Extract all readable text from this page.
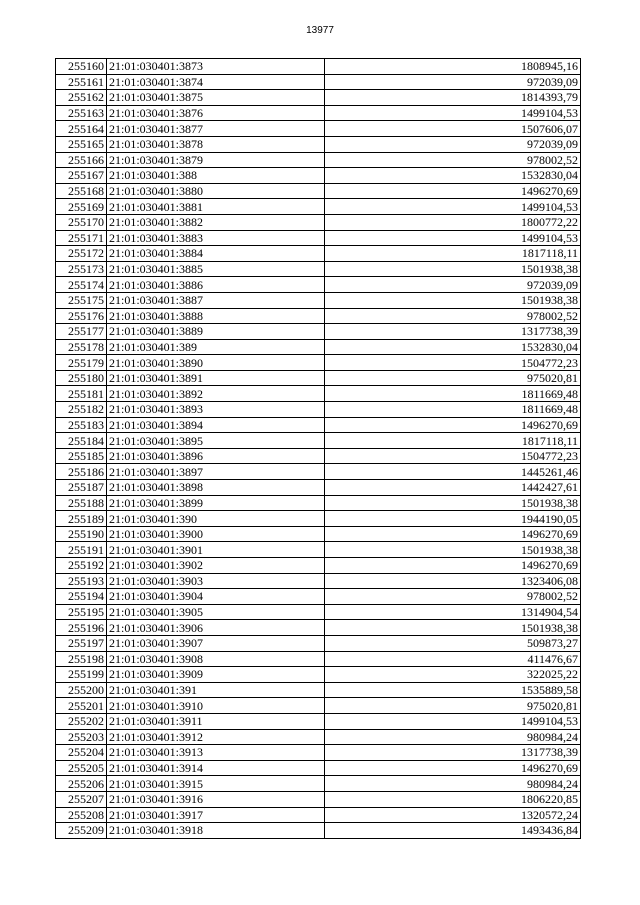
13977
255160	21:01:030401:3873	1808945,16
255161	21:01:030401:3874	972039,09
255162	21:01:030401:3875	1814393,79
255163	21:01:030401:3876	1499104,53
255164	21:01:030401:3877	1507606,07
255165	21:01:030401:3878	972039,09
255166	21:01:030401:3879	978002,52
255167	21:01:030401:388	1532830,04
255168	21:01:030401:3880	1496270,69
255169	21:01:030401:3881	1499104,53
255170	21:01:030401:3882	1800772,22
255171	21:01:030401:3883	1499104,53
255172	21:01:030401:3884	1817118,11
255173	21:01:030401:3885	1501938,38
255174	21:01:030401:3886	972039,09
255175	21:01:030401:3887	1501938,38
255176	21:01:030401:3888	978002,52
255177	21:01:030401:3889	1317738,39
255178	21:01:030401:389	1532830,04
255179	21:01:030401:3890	1504772,23
255180	21:01:030401:3891	975020,81
255181	21:01:030401:3892	1811669,48
255182	21:01:030401:3893	1811669,48
255183	21:01:030401:3894	1496270,69
255184	21:01:030401:3895	1817118,11
255185	21:01:030401:3896	1504772,23
255186	21:01:030401:3897	1445261,46
255187	21:01:030401:3898	1442427,61
255188	21:01:030401:3899	1501938,38
255189	21:01:030401:390	1944190,05
255190	21:01:030401:3900	1496270,69
255191	21:01:030401:3901	1501938,38
255192	21:01:030401:3902	1496270,69
255193	21:01:030401:3903	1323406,08
255194	21:01:030401:3904	978002,52
255195	21:01:030401:3905	1314904,54
255196	21:01:030401:3906	1501938,38
255197	21:01:030401:3907	509873,27
255198	21:01:030401:3908	411476,67
255199	21:01:030401:3909	322025,22
255200	21:01:030401:391	1535889,58
255201	21:01:030401:3910	975020,81
255202	21:01:030401:3911	1499104,53
255203	21:01:030401:3912	980984,24
255204	21:01:030401:3913	1317738,39
255205	21:01:030401:3914	1496270,69
255206	21:01:030401:3915	980984,24
255207	21:01:030401:3916	1806220,85
255208	21:01:030401:3917	1320572,24
255209	21:01:030401:3918	1493436,84
